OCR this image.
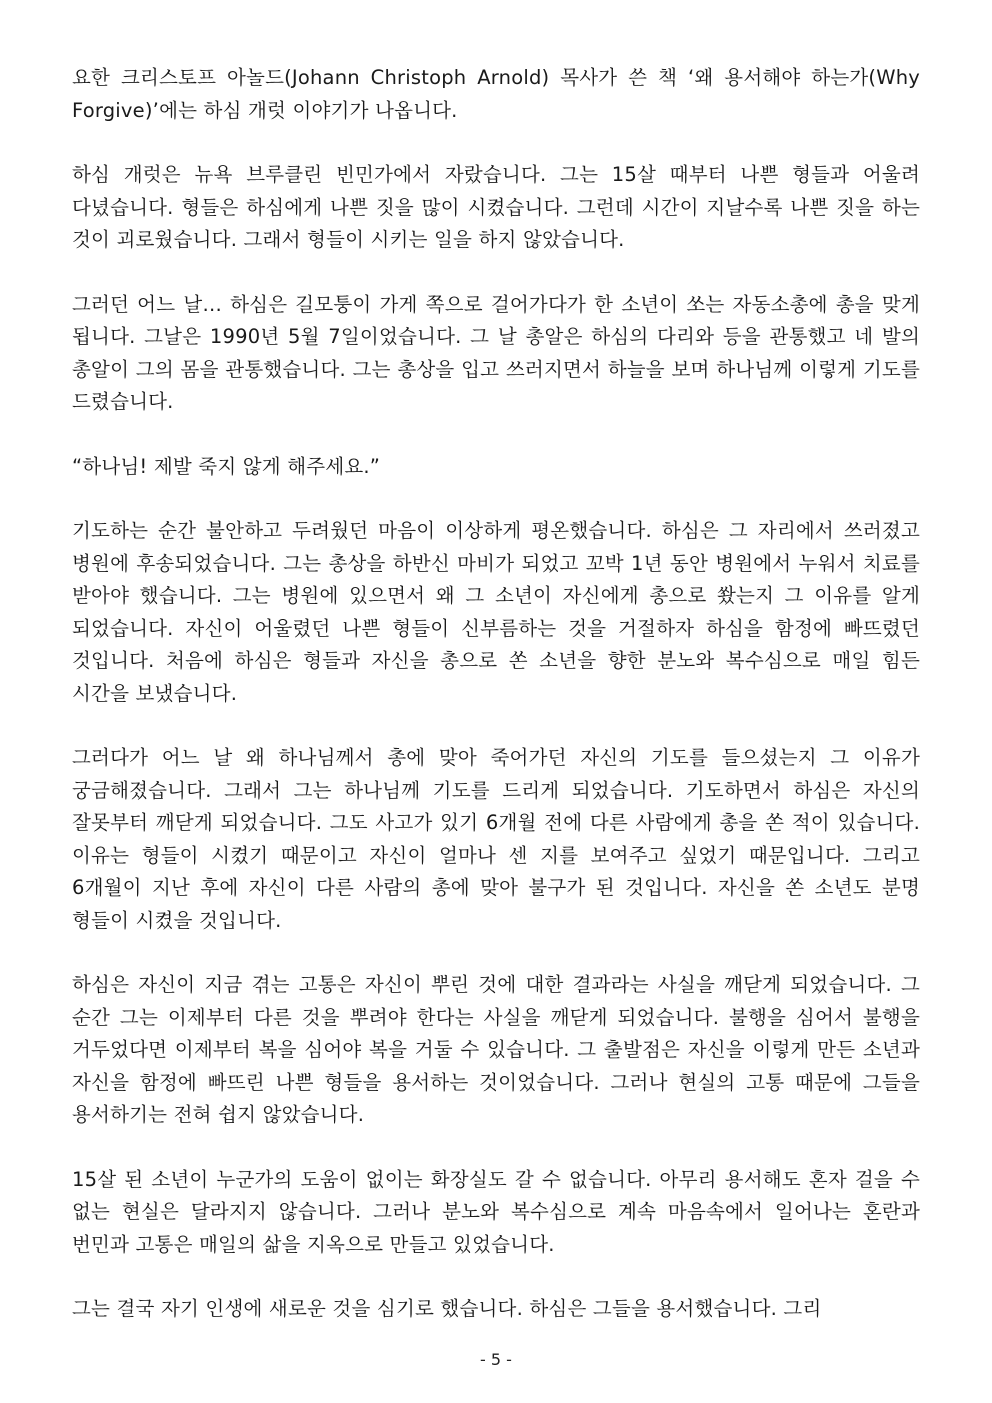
요한 크리스토프 아놀드(Johann Christoph Arnold) 목사가 쓴 책 ‘왜 용서해야 하는가(Why Forgive)’에는 하심 개럿 이야기가 나옵니다.

하심 개럿은 뉴욕 브루클린 빈민가에서 자랐습니다. 그는 15살 때부터 나쁜 형들과 어울려 다녔습니다. 형들은 하심에게 나쁜 짓을 많이 시켰습니다. 그런데 시간이 지날수록 나쁜 짓을 하는 것이 괴로웠습니다. 그래서 형들이 시키는 일을 하지 않았습니다.

그러던 어느 날… 하심은 길모퉁이 가게 쪽으로 걸어가다가 한 소년이 쏘는 자동소총에 총을 맞게 됩니다. 그날은 1990년 5월 7일이었습니다. 그 날 총알은 하심의 다리와 등을 관통했고 네 발의 총알이 그의 몸을 관통했습니다. 그는 총상을 입고 쓰러지면서 하늘을 보며 하나님께 이렇게 기도를 드렸습니다.

“하나님! 제발 죽지 않게 해주세요.”

기도하는 순간 불안하고 두려웠던 마음이 이상하게 평온했습니다. 하심은 그 자리에서 쓰러졌고 병원에 후송되었습니다. 그는 총상을 하반신 마비가 되었고 꼬박 1년 동안 병원에서 누워서 치료를 받아야 했습니다. 그는 병원에 있으면서 왜 그 소년이 자신에게 총으로 쐈는지 그 이유를 알게 되었습니다. 자신이 어울렸던 나쁜 형들이 신부름하는 것을 거절하자 하심을 함정에 빠뜨렸던 것입니다. 처음에 하심은 형들과 자신을 총으로 쏜 소년을 향한 분노와 복수심으로 매일 힘든 시간을 보냈습니다.

그러다가 어느 날 왜 하나님께서 총에 맞아 죽어가던 자신의 기도를 들으셨는지 그 이유가 궁금해졌습니다. 그래서 그는 하나님께 기도를 드리게 되었습니다. 기도하면서 하심은 자신의 잘못부터 깨닫게 되었습니다. 그도 사고가 있기 6개월 전에 다른 사람에게 총을 쏜 적이 있습니다. 이유는 형들이 시켰기 때문이고 자신이 얼마나 센 지를 보여주고 싶었기 때문입니다. 그리고 6개월이 지난 후에 자신이 다른 사람의 총에 맞아 불구가 된 것입니다. 자신을 쏜 소년도 분명 형들이 시켰을 것입니다.

하심은 자신이 지금 겪는 고통은 자신이 뿌린 것에 대한 결과라는 사실을 깨닫게 되었습니다. 그 순간 그는 이제부터 다른 것을 뿌려야 한다는 사실을 깨닫게 되었습니다. 불행을 심어서 불행을 거두었다면 이제부터 복을 심어야 복을 거둘 수 있습니다. 그 출발점은 자신을 이렇게 만든 소년과 자신을 함정에 빠뜨린 나쁜 형들을 용서하는 것이었습니다. 그러나 현실의 고통 때문에 그들을 용서하기는 전혀 쉽지 않았습니다.

15살 된 소년이 누군가의 도움이 없이는 화장실도 갈 수 없습니다. 아무리 용서해도 혼자 걸을 수 없는 현실은 달라지지 않습니다. 그러나 분노와 복수심으로 계속 마음속에서 일어나는 혼란과 번민과 고통은 매일의 삶을 지옥으로 만들고 있었습니다.

그는 결국 자기 인생에 새로운 것을 심기로 했습니다. 하심은 그들을 용서했습니다. 그리

- 5 -
